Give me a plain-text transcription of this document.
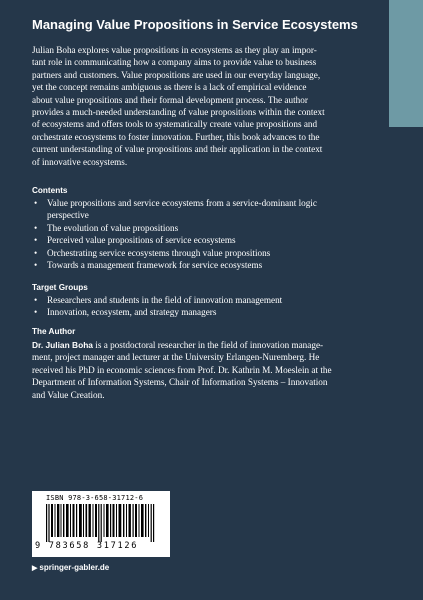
Managing Value Propositions in Service Ecosystems
Julian Boha explores value propositions in ecosystems as they play an impor-
tant role in communicating how a company aims to provide value to business
partners and customers. Value propositions are used in our everyday language,
yet the concept remains ambiguous as there is a lack of empirical evidence
about value propositions and their formal development process. The author
provides a much-needed understanding of value propositions within the context
of ecosystems and offers tools to systematically create value propositions and
orchestrate ecosystems to foster innovation. Further, this book advances to the
current understanding of value propositions and their application in the context
of innovative ecosystems.
Contents
• Value propositions and service ecosystems from a service-dominant logic
perspective
• The evolution of value propositions
• Perceived value propositions of service ecosystems
• Orchestrating service ecosystems through value propositions
• Towards a management framework for service ecosystems
Target Groups
• Researchers and students in the field of innovation management
• Innovation, ecosystem, and strategy managers
The Author
Dr. Julian Boha is a postdoctoral researcher in the field of innovation manage-
ment, project manager and lecturer at the University Erlangen-Nuremberg. He
received his PhD in economic sciences from Prof. Dr. Kathrin M. Moeslein at the
Department of Information Systems, Chair of Information Systems – Innovation
and Value Creation.
ISBN 978-3-658-31712-6
9 783658 317126
▶ springer-gabler.de
